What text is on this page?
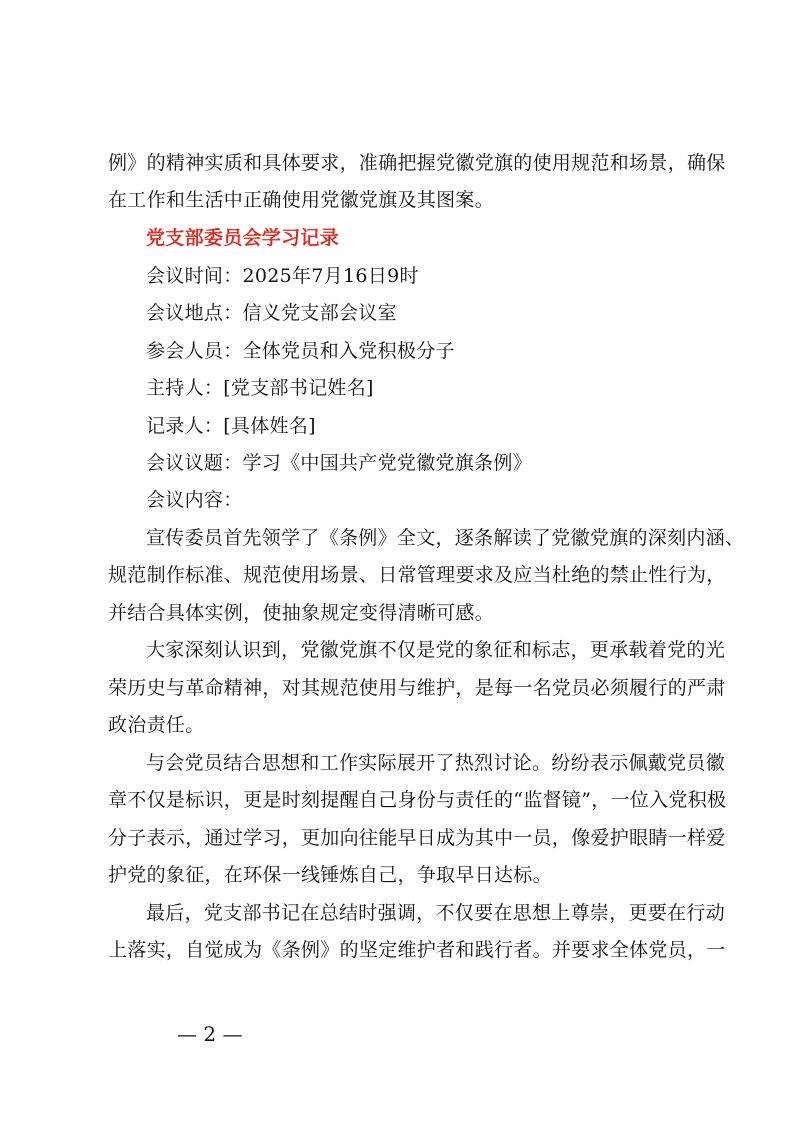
例》的精神实质和具体要求，准确把握党徽党旗的使用规范和场景，确保
在工作和生活中正确使用党徽党旗及其图案。
党支部委员会学习记录
会议时间：2025年7月16日9时
会议地点：信义党支部会议室
参会人员：全体党员和入党积极分子
主持人：[党支部书记姓名]
记录人：[具体姓名]
会议议题：学习《中国共产党党徽党旗条例》
会议内容：
宣传委员首先领学了《条例》全文，逐条解读了党徽党旗的深刻内涵、
规范制作标准、规范使用场景、日常管理要求及应当杜绝的禁止性行为，
并结合具体实例，使抽象规定变得清晰可感。
大家深刻认识到，党徽党旗不仅是党的象征和标志，更承载着党的光
荣历史与革命精神，对其规范使用与维护，是每一名党员必须履行的严肃
政治责任。
与会党员结合思想和工作实际展开了热烈讨论。纷纷表示佩戴党员徽
章不仅是标识，更是时刻提醒自己身份与责任的“监督镜”，一位入党积极
分子表示，通过学习，更加向往能早日成为其中一员，像爱护眼睛一样爱
护党的象征，在环保一线锤炼自己，争取早日达标。
最后，党支部书记在总结时强调，不仅要在思想上尊崇，更要在行动
上落实，自觉成为《条例》的坚定维护者和践行者。并要求全体党员，一
— 2 —
